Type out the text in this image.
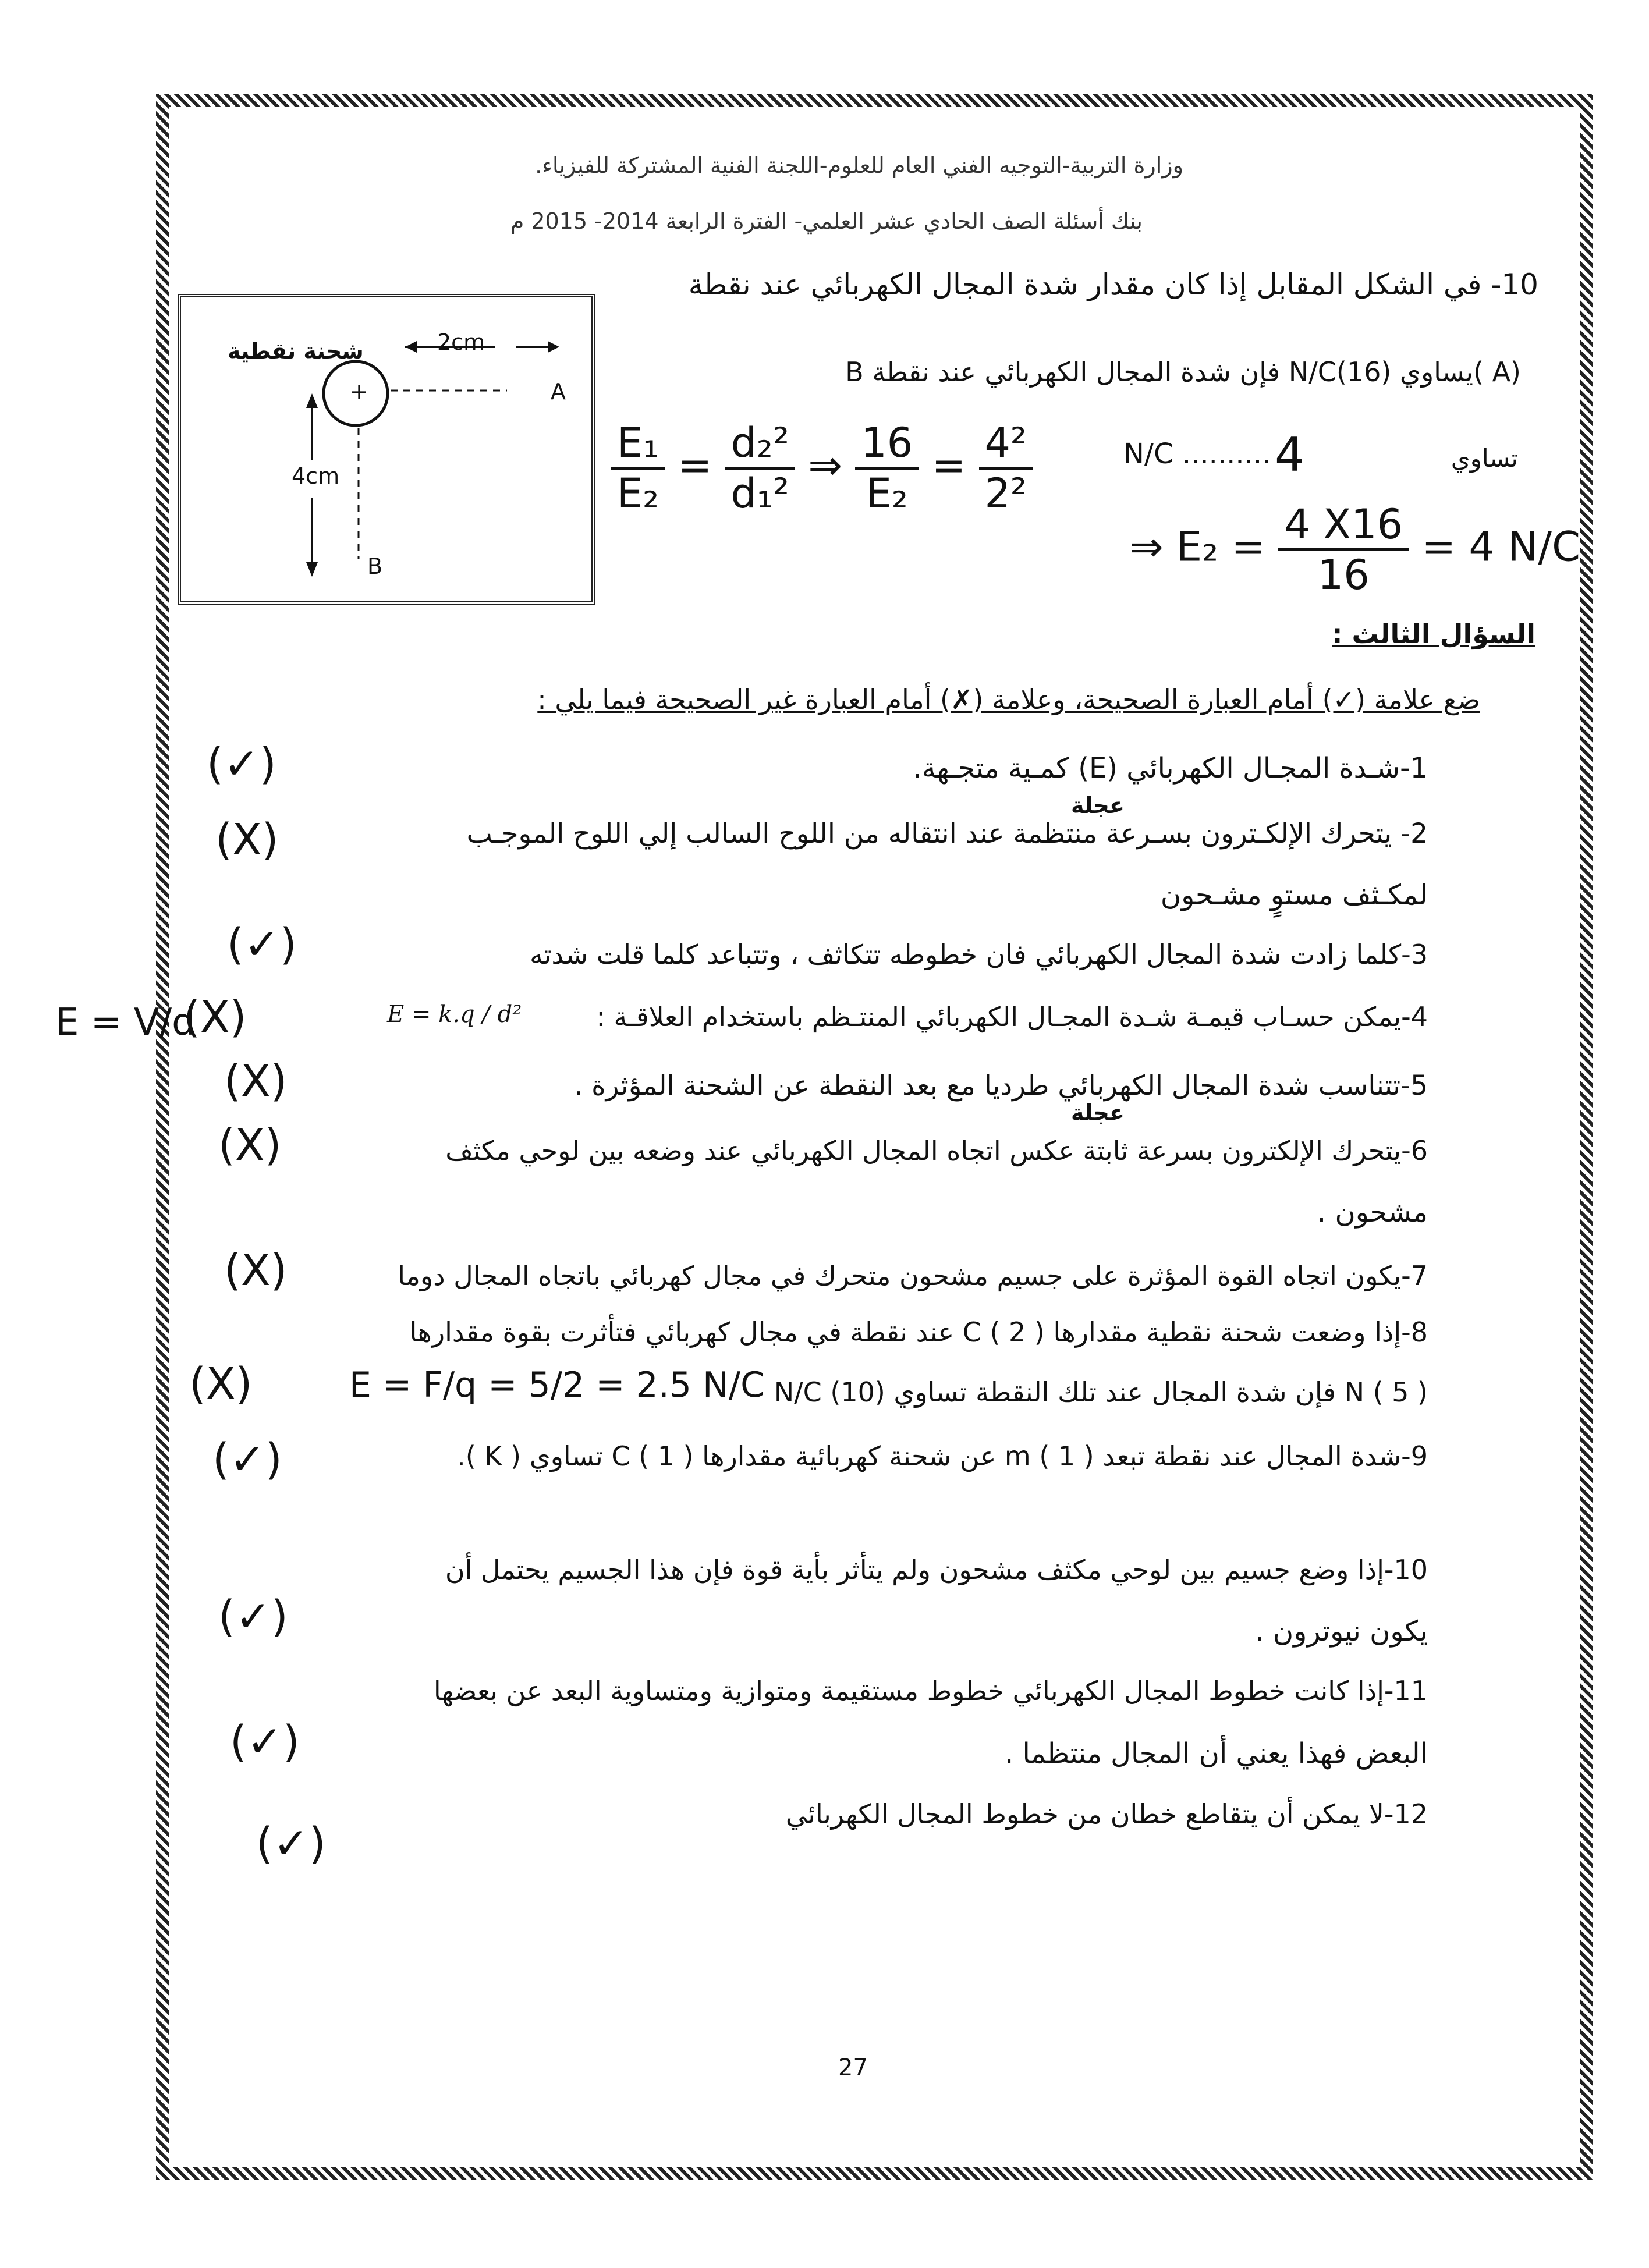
وزارة التربية-التوجيه الفني العام للعلوم-اللجنة الفنية المشتركة للفيزياء.
بنك أسئلة الصف الحادي عشر العلمي- الفترة الرابعة 2014- 2015 م
10- في الشكل المقابل إذا كان مقدار شدة المجال الكهربائي عند نقطة
(A )يساوي N/C(16) فإن شدة المجال الكهربائي عند نقطة B
تساوي
N/C .......... 4
$\frac{\text{E₁}}{\text{E₂}} = \frac{\text{d₂²}}{\text{d₁²}}$ ⇒ $\frac{16}{\text{E₂}} = \frac{\text{4²}}{\text{2²}}$
⇒ $E_2 = \frac{4 X16}{16} = 4$ N/C
شحنة نقطية	2cm
+	A
4cm
B
السؤال الثالث :
ضع علامة (✓) أمام العبارة الصحيحة، وعلامة (✗) أمام العبارة غير الصحيحة فيما يلي :
1-شـدة المجـال الكهربائي (E) كمـية متجـهة.
(✓)
عجلة
2- يتحرك الإلكـترون بسـرعة منتظمة عند انتقاله من اللوح السالب إلي اللوح الموجـب
لمكـثف مستوٍ مشـحون
(X)
3-كلما زادت شدة المجال الكهربائي فان خطوطه تتكاثف ، وتتباعد كلما قلت شدته
(✓)
4-يمكن حسـاب قيمـة شـدة المجـال الكهربائي المنتـظم باستخدام العلاقـة :
E = k.q / d²
(X)
E = V/d
5-تتناسب شدة المجال الكهربائي طرديا مع بعد النقطة عن الشحنة المؤثرة .
(X)
عجلة
6-يتحرك الإلكترون بسرعة ثابتة عكس اتجاه المجال الكهربائي عند وضعه بين لوحي مكثف
مشحون .
(X)
7-يكون اتجاه القوة المؤثرة على جسيم مشحون متحرك في مجال كهربائي باتجاه المجال دوما
(X)
8-إذا وضعت شحنة نقطية مقدارها C ( 2 ) عند نقطة في مجال كهربائي فتأثرت بقوة مقدارها
N ( 5 ) فإن شدة المجال عند تلك النقطة تساوي N/C (10)
E = F/q = 5/2 = 2.5 N/C
(X)
9-شدة المجال عند نقطة تبعد m ( 1 ) عن شحنة كهربائية مقدارها C ( 1 ) تساوي ( K ).
(✓)
10-إذا وضع جسيم بين لوحي مكثف مشحون ولم يتأثر بأية قوة فإن هذا الجسيم يحتمل أن
يكون نيوترون .
(✓)
11-إذا كانت خطوط المجال الكهربائي خطوط مستقيمة ومتوازية ومتساوية البعد عن بعضها
البعض فهذا يعني أن المجال منتظما .
(✓)
12-لا يمكن أن يتقاطع خطان من خطوط المجال الكهربائي
(✓)
27
